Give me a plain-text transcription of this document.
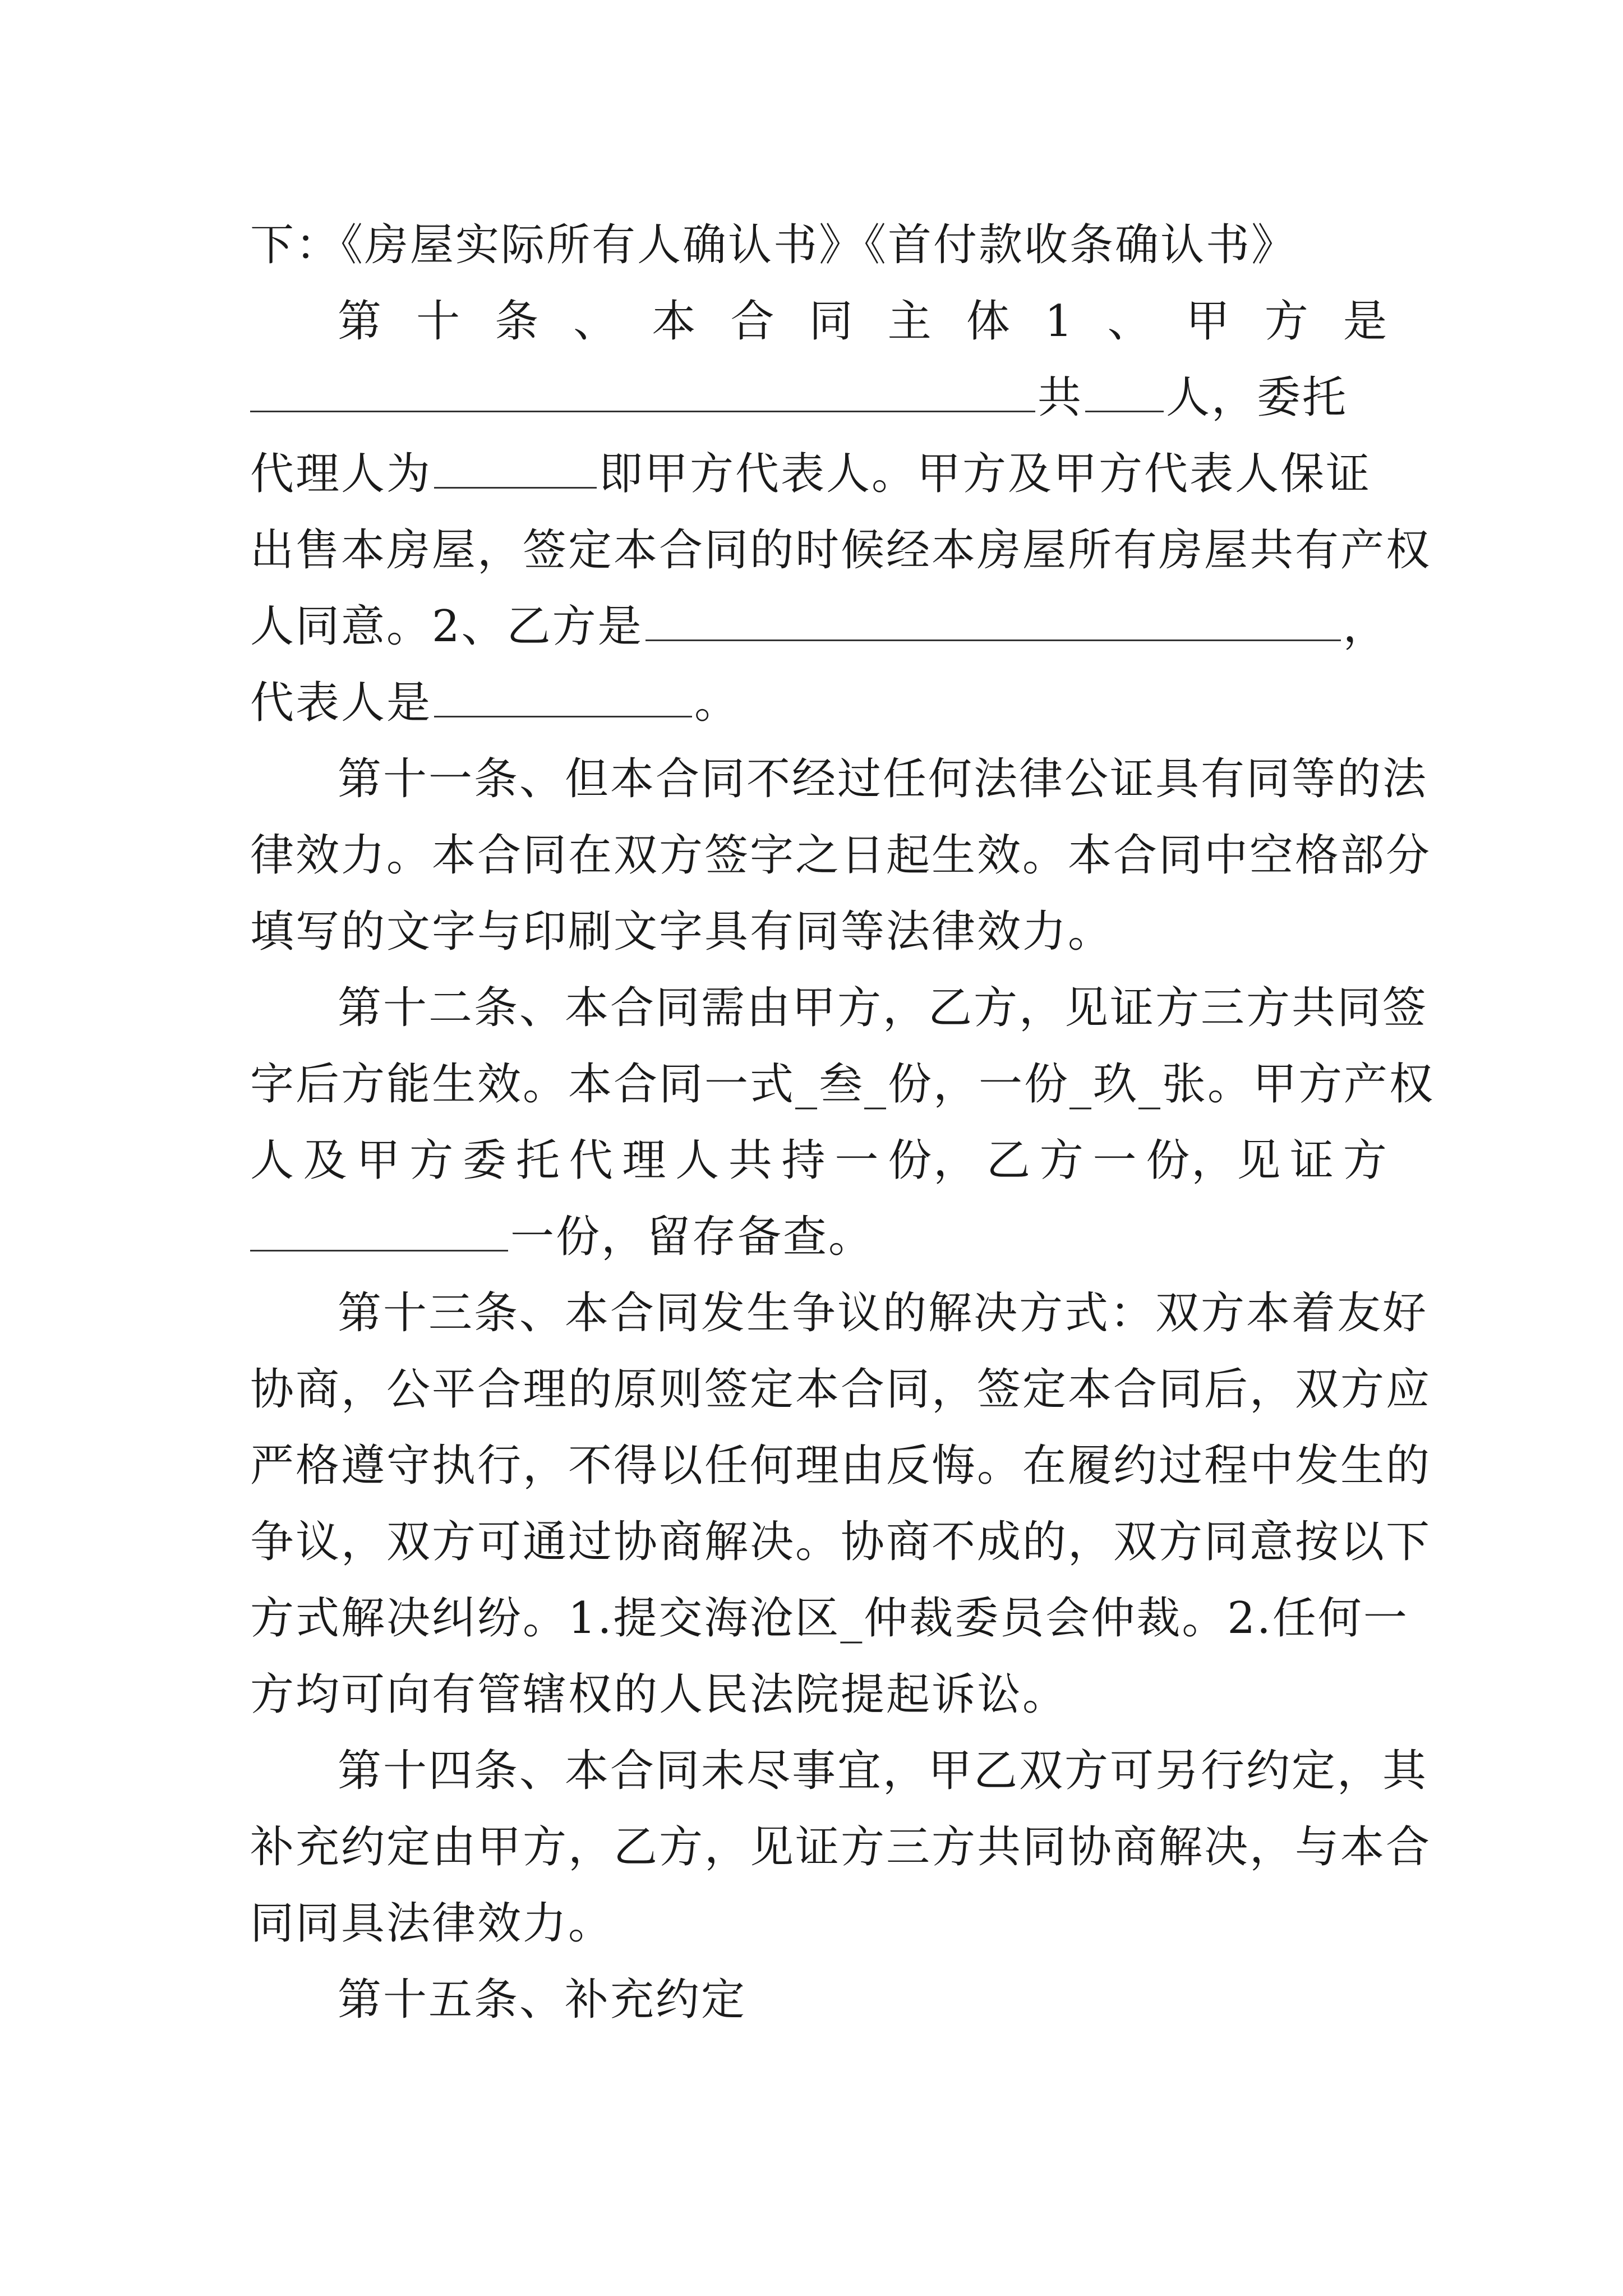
下：《房屋实际所有人确认书》《首付款收条确认书》
第 十 条 、 本 合 同 主 体 1 、 甲 方 是
共 人，委托
代理人为	即甲方代表人。甲方及甲方代表人保证
出售本房屋，签定本合同的时候经本房屋所有房屋共有产权
人同意。2、乙方是	，
代表人是	。
第十一条、但本合同不经过任何法律公证具有同等的法
律效力。本合同在双方签字之日起生效。本合同中空格部分
填写的文字与印刷文字具有同等法律效力。
第十二条、本合同需由甲方，乙方，见证方三方共同签
字后方能生效。本合同一式_叁_份，一份_玖_张。甲方产权
人 及 甲 方 委 托 代 理 人 共 持 一 份， 乙 方 一 份，见 证 方
一份，留存备查。
第十三条、本合同发生争议的解决方式：双方本着友好
协商，公平合理的原则签定本合同，签定本合同后，双方应
严格遵守执行，不得以任何理由反悔。在履约过程中发生的
争议，双方可通过协商解决。协商不成的，双方同意按以下
方式解决纠纷。1.提交海沧区_仲裁委员会仲裁。2.任何一
方均可向有管辖权的人民法院提起诉讼。
第十四条、本合同未尽事宜，甲乙双方可另行约定，其
补充约定由甲方，乙方，见证方三方共同协商解决，与本合
同同具法律效力。
第十五条、补充约定
